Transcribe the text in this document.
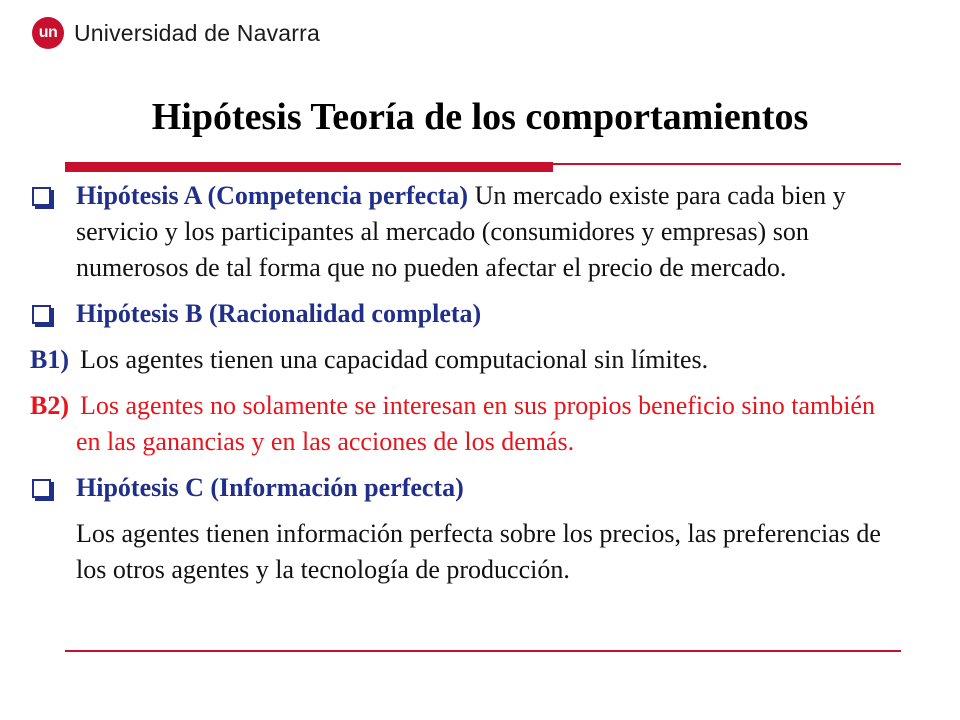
un Universidad de Navarra
Hipótesis Teoría de los comportamientos
Hipótesis A (Competencia perfecta) Un mercado existe para cada bien y servicio y los participantes al mercado (consumidores y empresas) son numerosos de tal forma que no pueden afectar el precio de mercado.
Hipótesis B (Racionalidad completa)
B1) Los agentes tienen una capacidad computacional sin límites.
B2) Los agentes no solamente se interesan en sus propios beneficio sino también en las ganancias y en las acciones de los demás.
Hipótesis C (Información perfecta)
Los agentes tienen información perfecta sobre los precios, las preferencias de los otros agentes y la tecnología de producción.
